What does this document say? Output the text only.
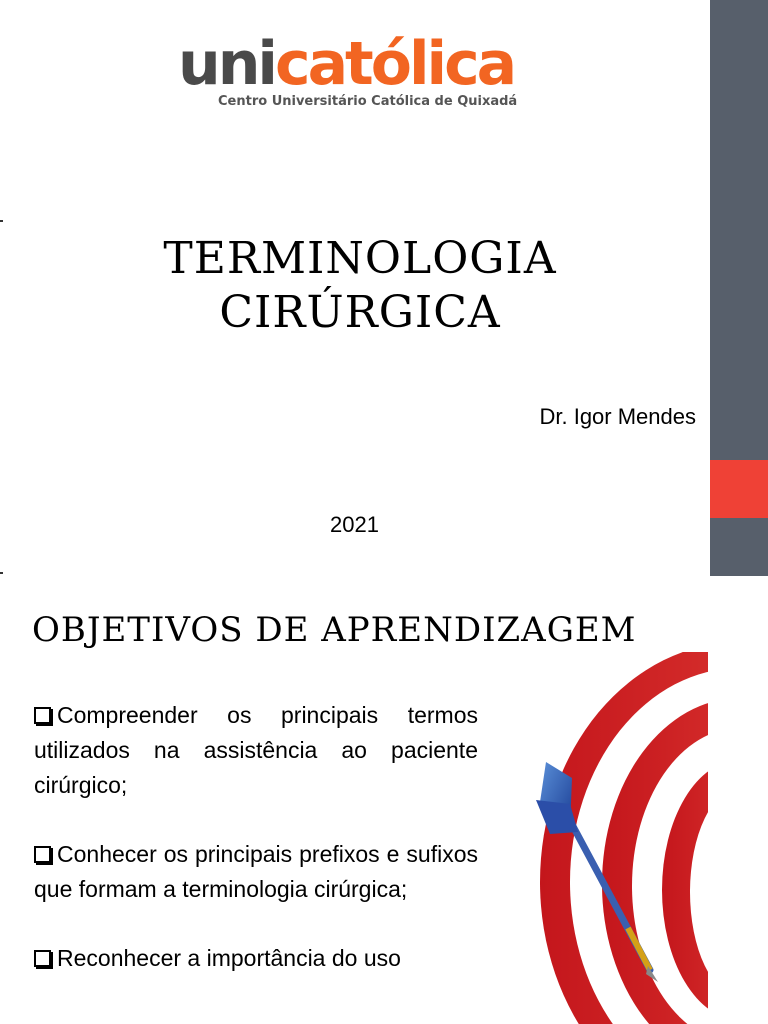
unicatólica
Centro Universitário Católica de Quixadá
TERMINOLOGIA
CIRÚRGICA
Dr. Igor Mendes
2021
OBJETIVOS DE APRENDIZAGEM

Compreender os principais termos utilizados na assistência ao paciente cirúrgico;

Conhecer os principais prefixos e sufixos que formam a terminologia cirúrgica;

Reconhecer a importância do uso
